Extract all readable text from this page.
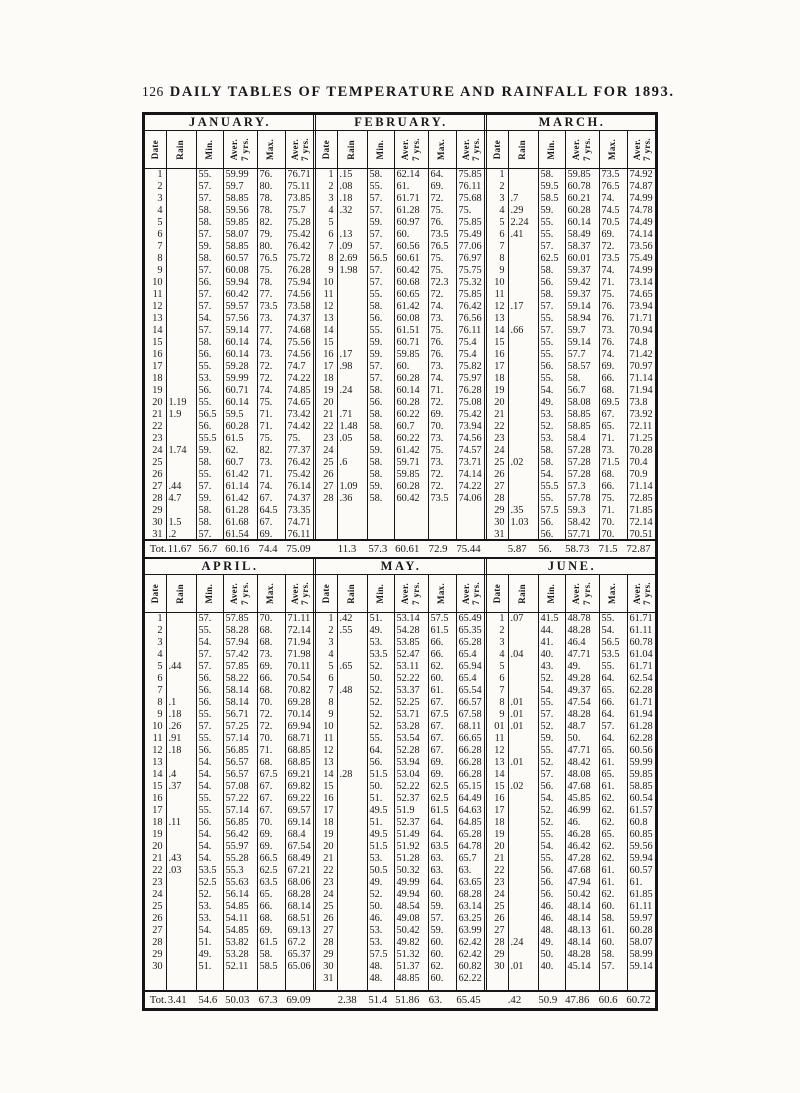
126 DAILY TABLES OF TEMPERATURE AND RAINFALL FOR 1893.
JANUARY.					

Date	Rain	Min.	Aver. 7 yrs.	Max.	Aver. 7 yrs.

1		55.	59.99	76.	76.71
2		57.	59.7	80.	75.11
3		57.	58.85	78.	73.85
4		58.	59.56	78.	75.7
5		58.	59.85	82.	75.28
6		57.	58.07	79.	75.42
7		59.	58.85	80.	76.42
8		58.	60.57	76.5	75.72
9		57.	60.08	75.	76.28
10		56.	59.94	78.	75.94
11		57.	60.42	77.	74.56
12		57.	59.57	73.5	73.58
13		54.	57.56	73.	74.37
14		57.	59.14	77.	74.68
15		58.	60.14	74.	75.56
16		56.	60.14	73.	74.56
17		55.	59.28	72.	74.7
18		53.	59.99	72.	74.22
19		56.	60.71	74.	74.85
20	1.19	55.	60.14	75.	74.65
21	1.9	56.5	59.5	71.	73.42
22		56.	60.28	71.	74.42
23		55.5	61.5	75.	75.
24	1.74	59.	62.	82.	77.37
25		58.	60.7	73.	76.42
26		55.	61.42	71.	75.42
27	.44	57.	61.14	74.	76.14
28	4.7	59.	61.42	67.	74.37
29		58.	61.28	64.5	73.35
30	1.5	58.	61.68	67.	74.71
31	.2	57.	61.54	69.	76.11

FEBRUARY.					

Date	Rain	Min.	Aver. 7 yrs.	Max.	Aver. 7 yrs.

1	.15	58.	62.14	64.	75.85
2	.08	55.	61.	69.	76.11
3	.18	57.	61.71	72.	75.68
4	.32	57.	61.28	75.	75.
5		59.	60.97	76.	75.85
6	.13	57.	60.	73.5	75.49
7	.09	57.	60.56	76.5	77.06
8	2.69	56.5	60.61	75.	76.97
9	1.98	57.	60.42	75.	75.75
10		57.	60.68	72.3	75.32
11		55.	60.65	72.	75.85
12		58.	61.42	74.	76.42
13		56.	60.08	73.	76.56
14		55.	61.51	75.	76.11
15		59.	60.71	76.	75.4
16	.17	59.	59.85	76.	75.4
17	.98	57.	60.	73.	75.82
18		57.	60.28	74.	75.97
19	.24	58.	60.14	71.	76.28
20		56.	60.28	72.	75.08
21	.71	58.	60.22	69.	75.42
22	1.48	58.	60.7	70.	73.94
23	.05	58.	60.22	73.	74.56
24		59.	61.42	75.	74.57
25	.6	58.	59.71	73.	73.71
26		58.	59.85	72.	74.14
27	1.09	59.	60.28	72.	74.22
28	.36	58.	60.42	73.5	74.06

MARCH.					

Date	Rain	Min.	Aver. 7 yrs.	Max.	Aver. 7 yrs.

1		58.	59.85	73.5	74.92
2		59.5	60.78	76.5	74.87
3	.7	58.5	60.21	74.	74.99
4	.29	59.	60.28	74.5	74.78
5	2.24	55.	60.14	70.5	74.49
6	.41	55.	58.49	69.	74.14
7		57.	58.37	72.	73.56
8		62.5	60.01	73.5	75.49
9		58.	59.37	74.	74.99
10		56.	59.42	71.	73.14
11		58.	59.37	75.	74.65
12	.17	57.	59.14	76.	73.94
13		55.	58.94	76.	71.71
14	.66	57.	59.7	73.	70.94
15		55.	59.14	76.	74.8
16		55.	57.7	74.	71.42
17		56.	58.57	69.	70.97
18		55.	58.	66.	71.14
19		54.	56.7	68.	71.94
20		49.	58.08	69.5	73.8
21		53.	58.85	67.	73.92
22		52.	58.85	65.	72.11
23		53.	58.4	71.	71.25
24		58.	57.28	73.	70.28
25	.02	58.	57.28	71.5	70.4
26		54.	57.28	68.	70.9
27		55.5	57.3	66.	71.14
28		55.	57.78	75.	72.85
29	.35	57.5	59.3	71.	71.85
30	1.03	56.	58.42	70.	72.14
31		56.	57.71	70.	70.51

Tot. 11.67 56.7 60.16 74.4 75.09	11.3	57.3 60.61 72.9 75.44	5.87	56.	58.73 71.5 72.87
APRIL.					

Date	Rain	Min.	Aver. 7 yrs.	Max.	Aver. 7 yrs.

1		57.	57.85	70.	71.11
2		55.	58.28	68.	72.14
3		54.	57.94	68.	71.94
4		57.	57.42	73.	71.98
5	.44	57.	57.85	69.	70.11
6		56.	58.22	66.	70.54
7		56.	58.14	68.	70.82
8	.1	56.	58.14	70.	69.28
9	.18	55.	56.71	72.	70.14
10	.26	57.	57.25	72.	69.94
11	.91	55.	57.14	70.	68.71
12	.18	56.	56.85	71.	68.85
13		54.	56.57	68.	68.85
14	.4	54.	56.57	67.5	69.21
15	.37	54.	57.08	67.	69.82
16		55.	57.22	67.	69.22
17		55.	57.14	67.	69.57
18	.11	56.	56.85	70.	69.14
19		54.	56.42	69.	68.4
20		54.	55.97	69.	67.54
21	.43	54.	55.28	66.5	68.49
22	.03	53.5	55.3	62.5	67.21
23		52.5	55.63	63.5	68.06
24		52.	56.14	65.	68.28
25		53.	54.85	66.	68.14
26		53.	54.11	68.	68.51
27		54.	54.85	69.	69.13
28		51.	53.82	61.5	67.2
29		49.	53.28	58.	65.37
30		51.	52.11	58.5	65.06

MAY.					

Date	Rain	Min.	Aver. 7 yrs.	Max.	Aver. 7 yrs.

1	.42	51.	53.14	57.5	65.49
2	.55	49.	54.28	61.5	65.35
3		53.	53.85	66.	65.28
4		53.5	52.47	66.	65.4
5	.65	52.	53.11	62.	65.94
6		50.	52.22	60.	65.4
7	.48	52.	53.37	61.	65.54
8		52.	52.25	67.	66.57
9		52.	53.71	67.5	67.58
10		52.	53.28	67.	68.11
11		55.	53.54	67.	66.65
12		64.	52.28	67.	66.28
13		56.	53.94	69.	66.28
14	.28	51.5	53.04	69.	66.28
15		50.	52.22	62.5	65.15
16		51.	52.37	62.5	64.49
17		49.5	51.9	61.5	64.63
18		51.	52.37	64.	64.85
19		49.5	51.49	64.	65.28
20		51.5	51.92	63.5	64.78
21		53.	51.28	63.	65.7
22		50.5	50.32	63.	63.
23		49.	49.99	64.	63.65
24		52.	49.94	60.	68.28
25		50.	48.54	59.	63.14
26		46.	49.08	57.	63.25
27		53.	50.42	59.	63.99
28		53.	49.82	60.	62.42
29		57.5	51.32	60.	62.42
30		48.	51.37	62.	60.82
31		48.	48.85	60.	62.22

JUNE.					

Date	Rain	Min.	Aver. 7 yrs.	Max.	Aver. 7 yrs.

1	.07	41.5	48.78	55.	61.71
2		44.	48.28	54.	61.11
3		41.	46.4	56.5	60.78
4	.04	40.	47.71	53.5	61.04
5		43.	49.	55.	61.71
6		52.	49.28	64.	62.54
7		54.	49.37	65.	62.28
8	.01	55.	47.54	66.	61.71
9	.01	57.	48.28	64.	61.94
01	.01	52.	48.7	57.	61.28
11		59.	50.	64.	62.28
12		55.	47.71	65.	60.56
13	.01	52.	48.42	61.	59.99
14		57.	48.08	65.	59.85
15	.02	56.	47.68	61.	58.85
16		54.	45.85	62.	60.54
17		52.	46.99	62.	61.57
18		52.	46.	62.	60.8
19		55.	46.28	65.	60.85
20		54.	46.42	62.	59.56
21		55.	47.28	62.	59.94
22		56.	47.68	61.	60.57
23		56.	47.94	61.	61.
24		56.	50.42	62.	61.85
25		46.	48.14	60.	61.11
26		46.	48.14	58.	59.97
27		48.	48.13	61.	60.28
28	.24	49.	48.14	60.	58.07
29		50.	48.28	58.	58.99
30	.01	40.	45.14	57.	59.14

Tot. 3.41	54.6 50.03 67.3 69.09	2.38	51.4 51.86 63.	65.45	.42	50.9 47.86 60.6 60.72
